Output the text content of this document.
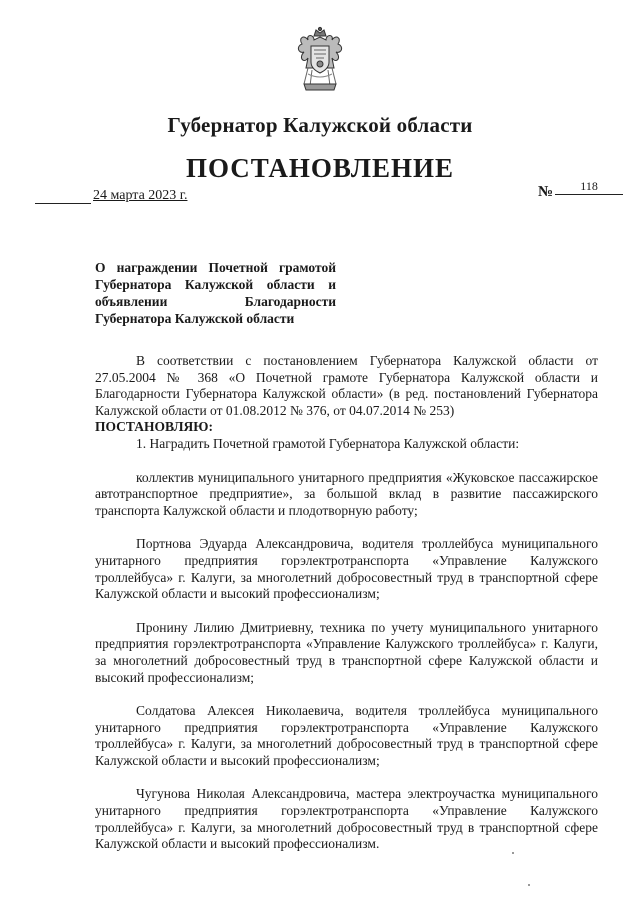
Губернатор Калужской области
ПОСТАНОВЛЕНИЕ
24 марта 2023 г.	№ 118
О награждении Почетной грамотой Губернатора Калужской области и объявлении Благодарности Губернатора Калужской области

В соответствии с постановлением Губернатора Калужской области от 27.05.2004 № 368 «О Почетной грамоте Губернатора Калужской области и Благодарности Губернатора Калужской области» (в ред. постановлений Губернатора Калужской области от 01.08.2012 № 376, от 04.07.2014 № 253)

ПОСТАНОВЛЯЮ:

1. Наградить Почетной грамотой Губернатора Калужской области:

коллектив муниципального унитарного предприятия «Жуковское пассажирское автотранспортное предприятие», за большой вклад в развитие пассажирского транспорта Калужской области и плодотворную работу;

Портнова Эдуарда Александровича, водителя троллейбуса муниципального унитарного предприятия горэлектротранспорта «Управление Калужского троллейбуса» г. Калуги, за многолетний добросовестный труд в транспортной сфере Калужской области и высокий профессионализм;

Пронину Лилию Дмитриевну, техника по учету муниципального унитарного предприятия горэлектротранспорта «Управление Калужского троллейбуса» г. Калуги, за многолетний добросовестный труд в транспортной сфере Калужской области и высокий профессионализм;

Солдатова Алексея Николаевича, водителя троллейбуса муниципального унитарного предприятия горэлектротранспорта «Управление Калужского троллейбуса» г. Калуги, за многолетний добросовестный труд в транспортной сфере Калужской области и высокий профессионализм;

Чугунова Николая Александровича, мастера электроучастка муниципального унитарного предприятия горэлектротранспорта «Управление Калужского троллейбуса» г. Калуги, за многолетний добросовестный труд в транспортной сфере Калужской области и высокий профессионализм.
